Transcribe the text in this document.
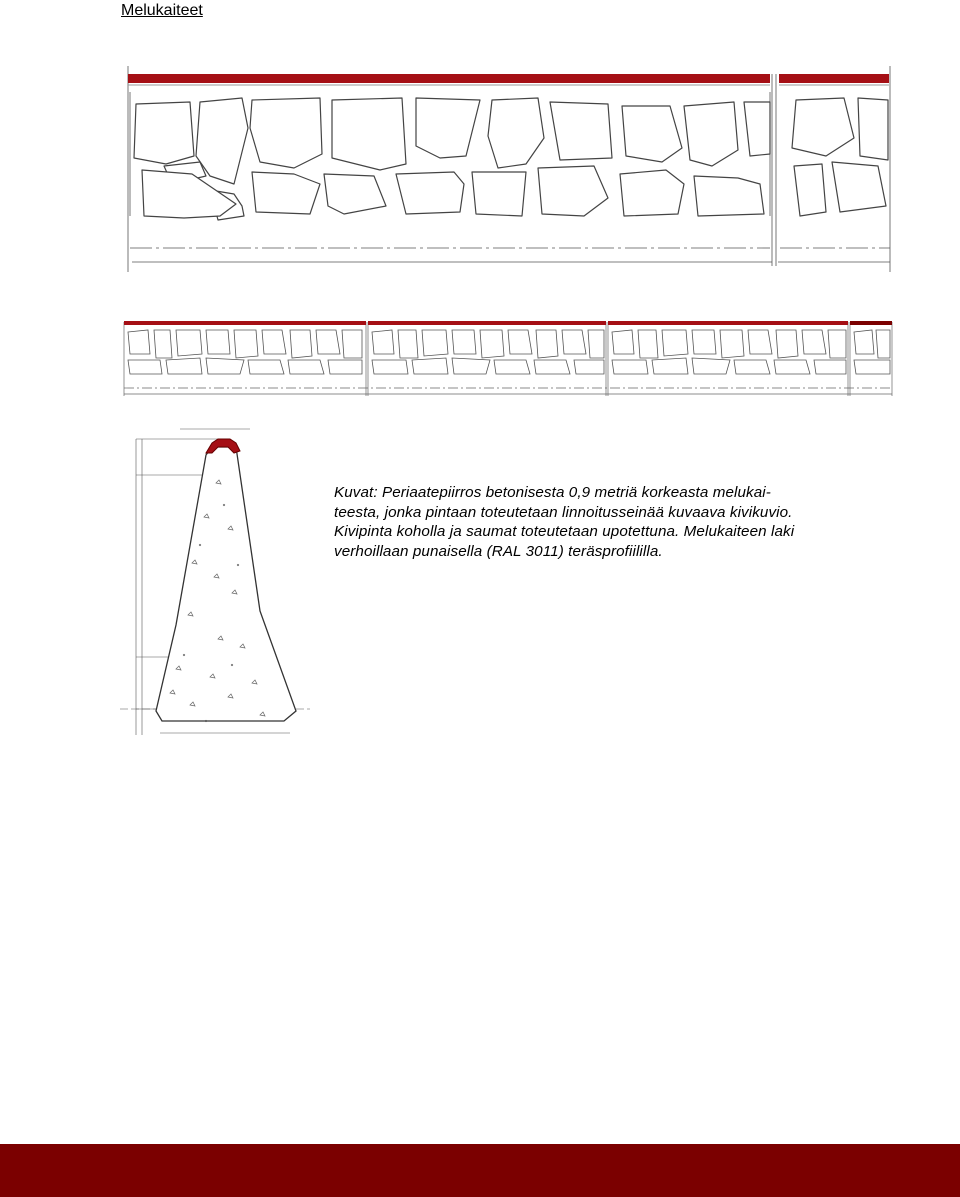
Melukaiteet
Kuvat: Periaatepiirros betonisesta 0,9 metriä korkeasta melukai-
teesta, jonka pintaan toteutetaan linnoitusseinää kuvaava kivikuvio.
Kivipinta koholla ja saumat toteutetaan upotettuna. Melukaiteen laki
verhoillaan punaisella (RAL 3011) teräsprofiililla.
